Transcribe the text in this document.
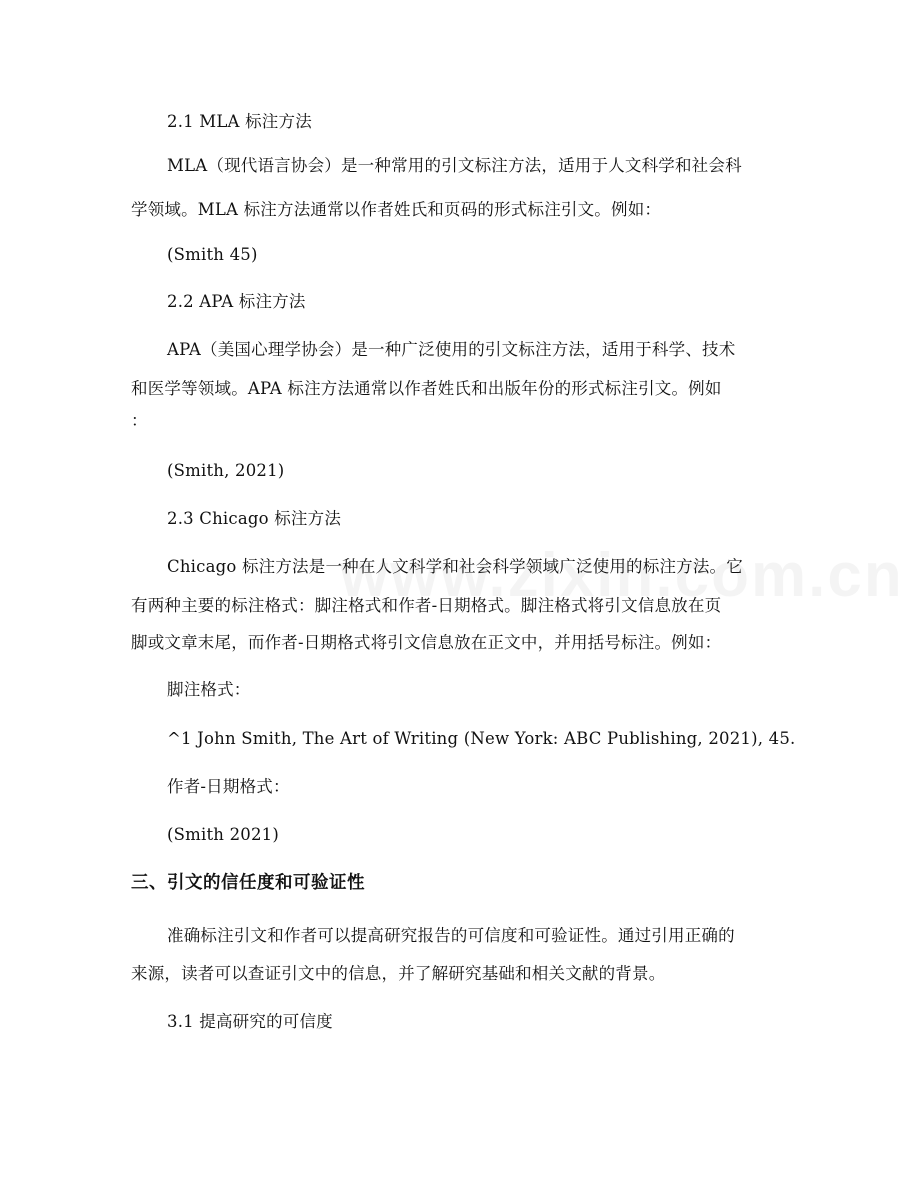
2.1 MLA 标注方法
MLA（现代语言协会）是一种常用的引文标注方法，适用于人文科学和社会科
学领域。MLA 标注方法通常以作者姓氏和页码的形式标注引文。例如：
(Smith 45)
2.2 APA 标注方法
APA（美国心理学协会）是一种广泛使用的引文标注方法，适用于科学、技术
和医学等领域。APA 标注方法通常以作者姓氏和出版年份的形式标注引文。例如
：
(Smith, 2021)
2.3 Chicago 标注方法
Chicago 标注方法是一种在人文科学和社会科学领域广泛使用的标注方法。它
有两种主要的标注格式：脚注格式和作者-日期格式。脚注格式将引文信息放在页
脚或文章末尾，而作者-日期格式将引文信息放在正文中，并用括号标注。例如：
脚注格式：
^1 John Smith, The Art of Writing (New York: ABC Publishing, 2021), 45.
作者-日期格式：
(Smith 2021)
三、引文的信任度和可验证性
准确标注引文和作者可以提高研究报告的可信度和可验证性。通过引用正确的
来源，读者可以查证引文中的信息，并了解研究基础和相关文献的背景。
3.1 提高研究的可信度
